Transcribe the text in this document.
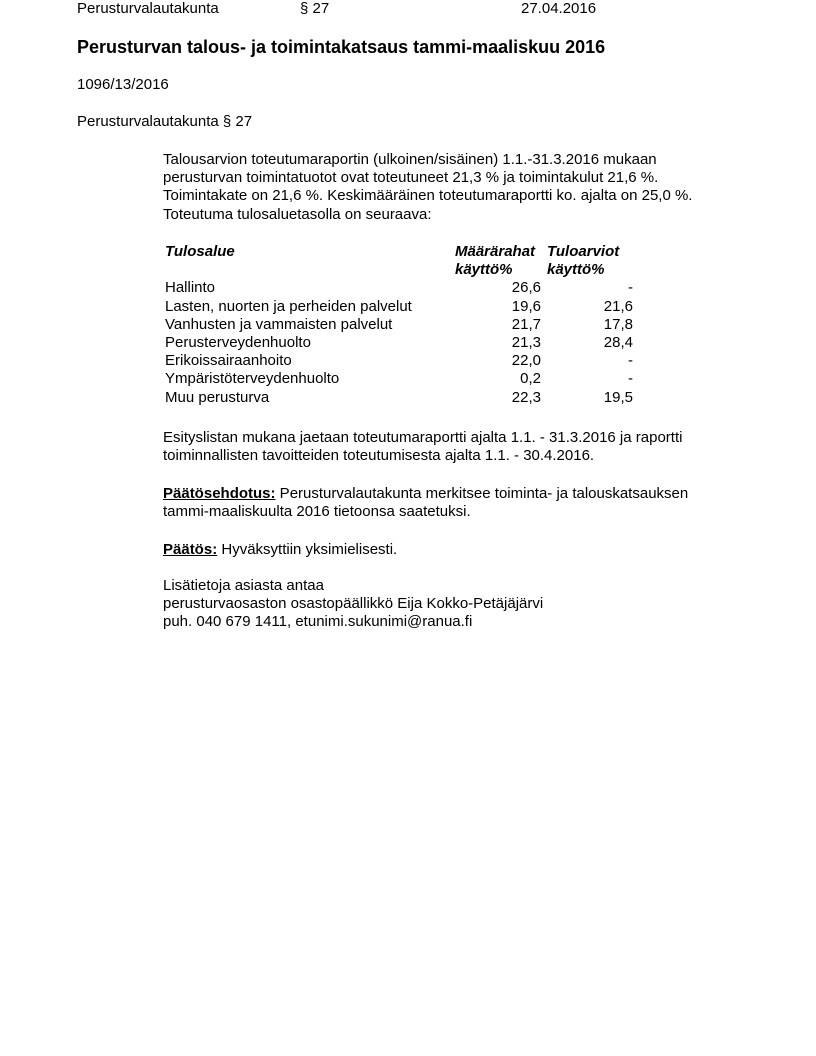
Perusturvalautakunta	§ 27	27.04.2016
Perusturvan talous- ja toimintakatsaus tammi-maaliskuu 2016
1096/13/2016
Perusturvalautakunta § 27

Talousarvion toteutumaraportin (ulkoinen/sisäinen) 1.1.-31.3.2016 mukaan

perusturvan toimintatuotot ovat toteutuneet 21,3 % ja toimintakulut 21,6 %.

Toimintakate on 21,6 %. Keskimääräinen toteutumaraportti ko. ajalta on 25,0 %.

Toteutuma tulosaluetasolla on seuraava:

Tulosalue	Määrärahat	Tuloarviot
	käyttö%	käyttö%
Hallinto	26,6	-
Lasten, nuorten ja perheiden palvelut	19,6	21,6
Vanhusten ja vammaisten palvelut	21,7	17,8
Perusterveydenhuolto	21,3	28,4
Erikoissairaanhoito	22,0	-
Ympäristöterveydenhuolto	0,2	-
Muu perusturva	22,3	19,5

Esityslistan mukana jaetaan toteutumaraportti ajalta 1.1. - 31.3.2016 ja raportti

toiminnallisten tavoitteiden toteutumisesta ajalta 1.1. - 30.4.2016.

Päätösehdotus: Perusturvalautakunta merkitsee toiminta- ja talouskatsauksen

tammi-maaliskuulta 2016 tietoonsa saatetuksi.

Päätös: Hyväksyttiin yksimielisesti.

Lisätietoja asiasta antaa

perusturvaosaston osastopäällikkö Eija Kokko-Petäjäjärvi

puh. 040 679 1411, etunimi.sukunimi@ranua.fi
